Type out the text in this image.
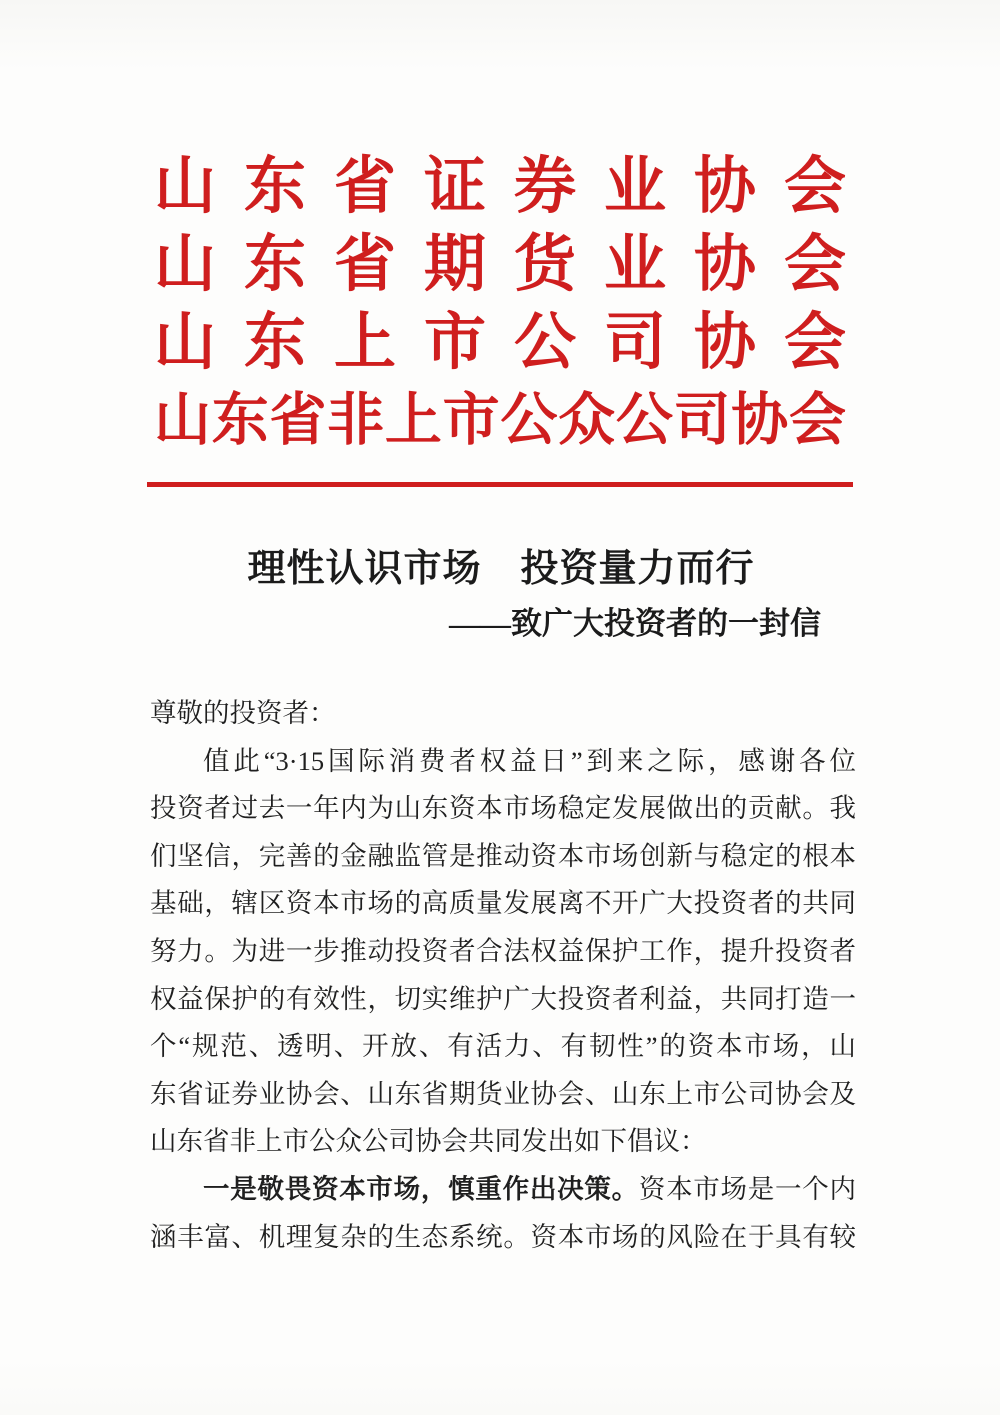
山东省证券业协会
山东省期货业协会
山东上市公司协会
山东省非上市公众公司协会
理性认识市场　投资量力而行
——致广大投资者的一封信
尊敬的投资者：
值此“3·15国际消费者权益日”到来之际，感谢各位
投资者过去一年内为山东资本市场稳定发展做出的贡献。我
们坚信，完善的金融监管是推动资本市场创新与稳定的根本
基础，辖区资本市场的高质量发展离不开广大投资者的共同
努力。为进一步推动投资者合法权益保护工作，提升投资者
权益保护的有效性，切实维护广大投资者利益，共同打造一
个“规范、透明、开放、有活力、有韧性”的资本市场，山
东省证券业协会、山东省期货业协会、山东上市公司协会及
山东省非上市公众公司协会共同发出如下倡议：
一是敬畏资本市场，慎重作出决策。资本市场是一个内
涵丰富、机理复杂的生态系统。资本市场的风险在于具有较
